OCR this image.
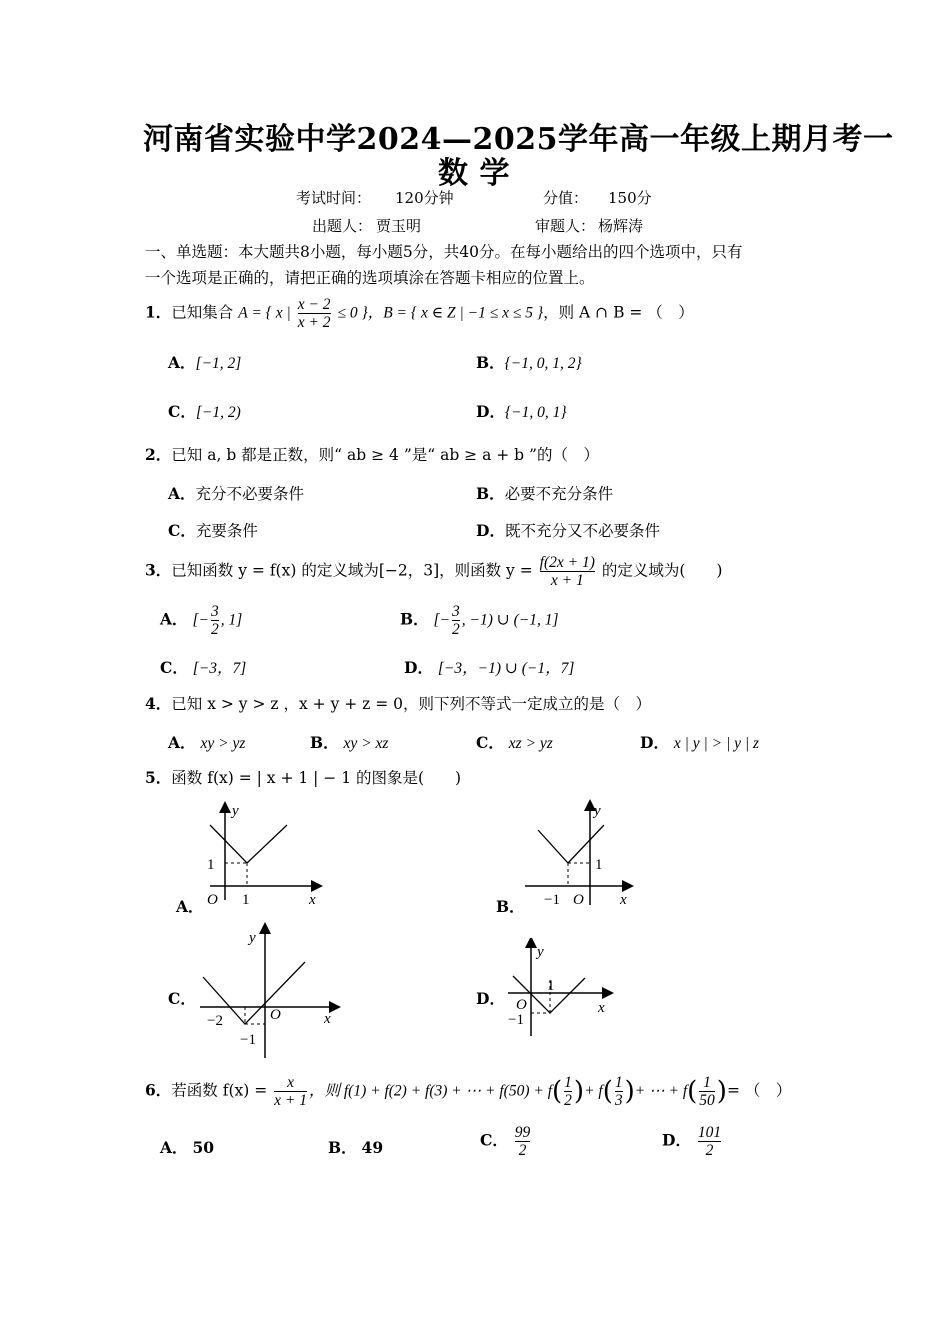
河南省实验中学2024—2025学年高一年级上期月考一
数 学
考试时间： 120分钟	分值： 150分
出题人： 贾玉明	审题人： 杨辉涛
一、单选题：本大题共8小题，每小题5分，共40分。在每小题给出的四个选项中，只有
一个选项是正确的，请把正确的选项填涂在答题卡相应的位置上。
1．已知集合 A = { x | $\frac{x - 2}{x + 2} \le 0$ }，B = { x ∈ Z | −1 ≤ x ≤ 5 }，则 A ∩ B = （　）
A．[−1, 2]	B．{−1, 0, 1, 2}
C．[−1, 2)	D．{−1, 0, 1}
2．已知 a, b 都是正数，则“ ab ≥ 4 ”是“ ab ≥ a + b ”的（　）
A．充分不必要条件	B．必要不充分条件
C．充要条件	D．既不充分又不必要条件
3．已知函数 y = f(x) 的定义域为[−2，3]，则函数 $y = \frac{f(2x + 1)}{x + 1}$ 的定义域为(　　)
A． [− $\frac{3}{2}$ , 1]	B． [− $\frac{3}{2}$ , −1) ∪ (−1, 1]
C． [−3，7]	D． [−3，−1) ∪ (−1，7]
4．已知 x > y > z ，x + y + z = 0，则下列不等式一定成立的是（　）
A． xy > yz	B． xy > xz	C． xz > yz	D． x | y | > | y | z
5．函数 f(x) = | x + 1 | − 1 的图象是(　　)
A．
y
x
O 1
1
B．
y
x
O
−1
1
C．
y
x
O
−2
−1
D．
y
x
O
1
−1
6．若函数 $f(x) = \frac{x}{x + 1}$ ，则 f(1) + f(2) + f(3) + ⋯ + $f(50) + f( \frac{1}{2}$ )+ $f( \frac{1}{3}$ )+ ⋯ + $f( \frac{1}{50}$ )= （　）
A． 50	B． 49	C． $\frac{99}{2}$	D． $\frac{101}{2}$
